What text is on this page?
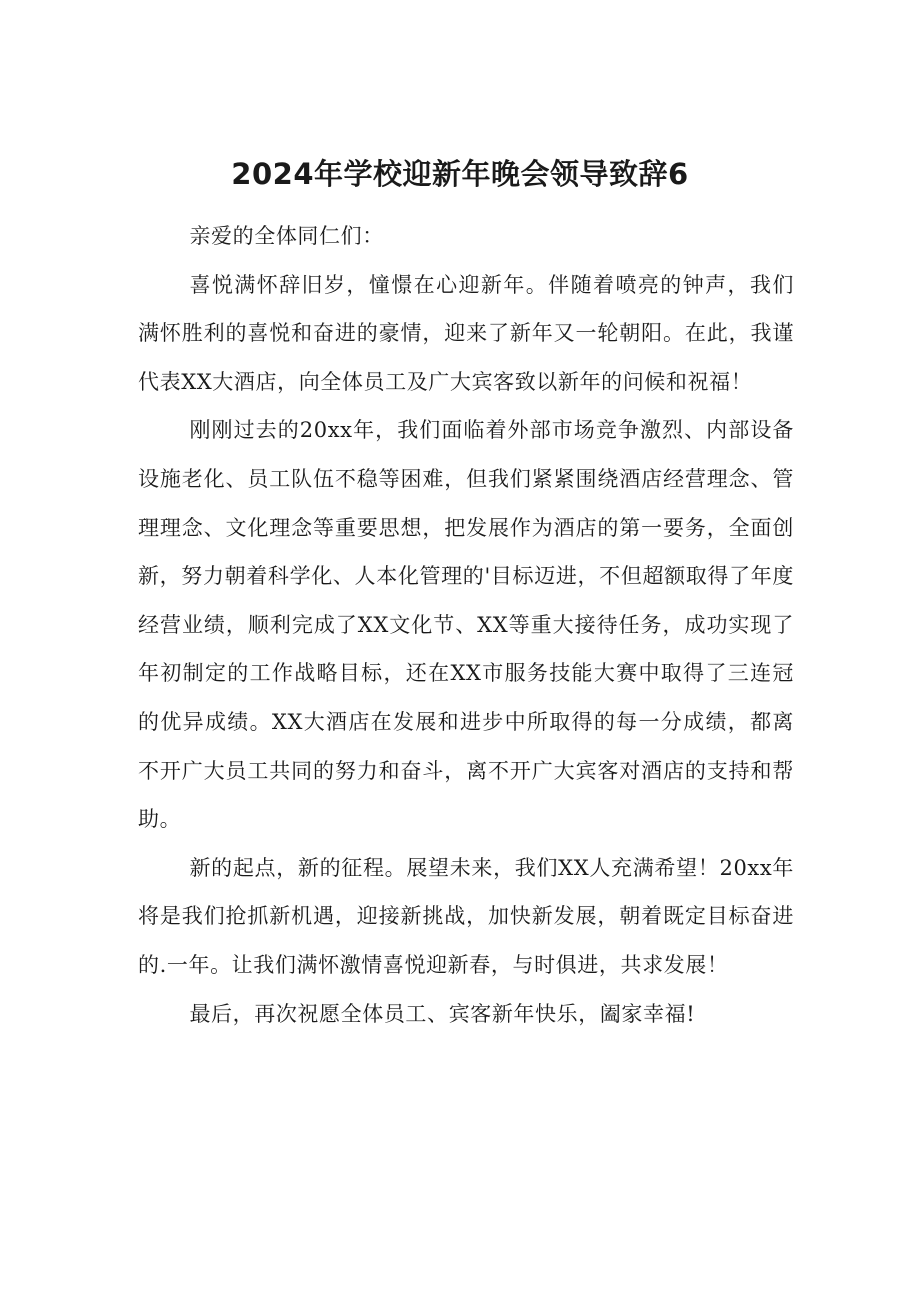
2024年学校迎新年晚会领导致辞6

亲爱的全体同仁们：

喜悦满怀辞旧岁，憧憬在心迎新年。伴随着喷亮的钟声，我们满怀胜利的喜悦和奋进的豪情，迎来了新年又一轮朝阳。在此，我谨代表XX大酒店，向全体员工及广大宾客致以新年的问候和祝福！

刚刚过去的20xx年，我们面临着外部市场竞争激烈、内部设备设施老化、员工队伍不稳等困难，但我们紧紧围绕酒店经营理念、管理理念、文化理念等重要思想，把发展作为酒店的第一要务，全面创新，努力朝着科学化、人本化管理的'目标迈进，不但超额取得了年度经营业绩，顺利完成了XX文化节、XX等重大接待任务，成功实现了年初制定的工作战略目标，还在XX市服务技能大赛中取得了三连冠的优异成绩。XX大酒店在发展和进步中所取得的每一分成绩，都离不开广大员工共同的努力和奋斗，离不开广大宾客对酒店的支持和帮助。

新的起点，新的征程。展望未来，我们XX人充满希望！20xx年将是我们抢抓新机遇，迎接新挑战，加快新发展，朝着既定目标奋进的.一年。让我们满怀激情喜悦迎新春，与时俱进，共求发展！

最后，再次祝愿全体员工、宾客新年快乐，阖家幸福!
